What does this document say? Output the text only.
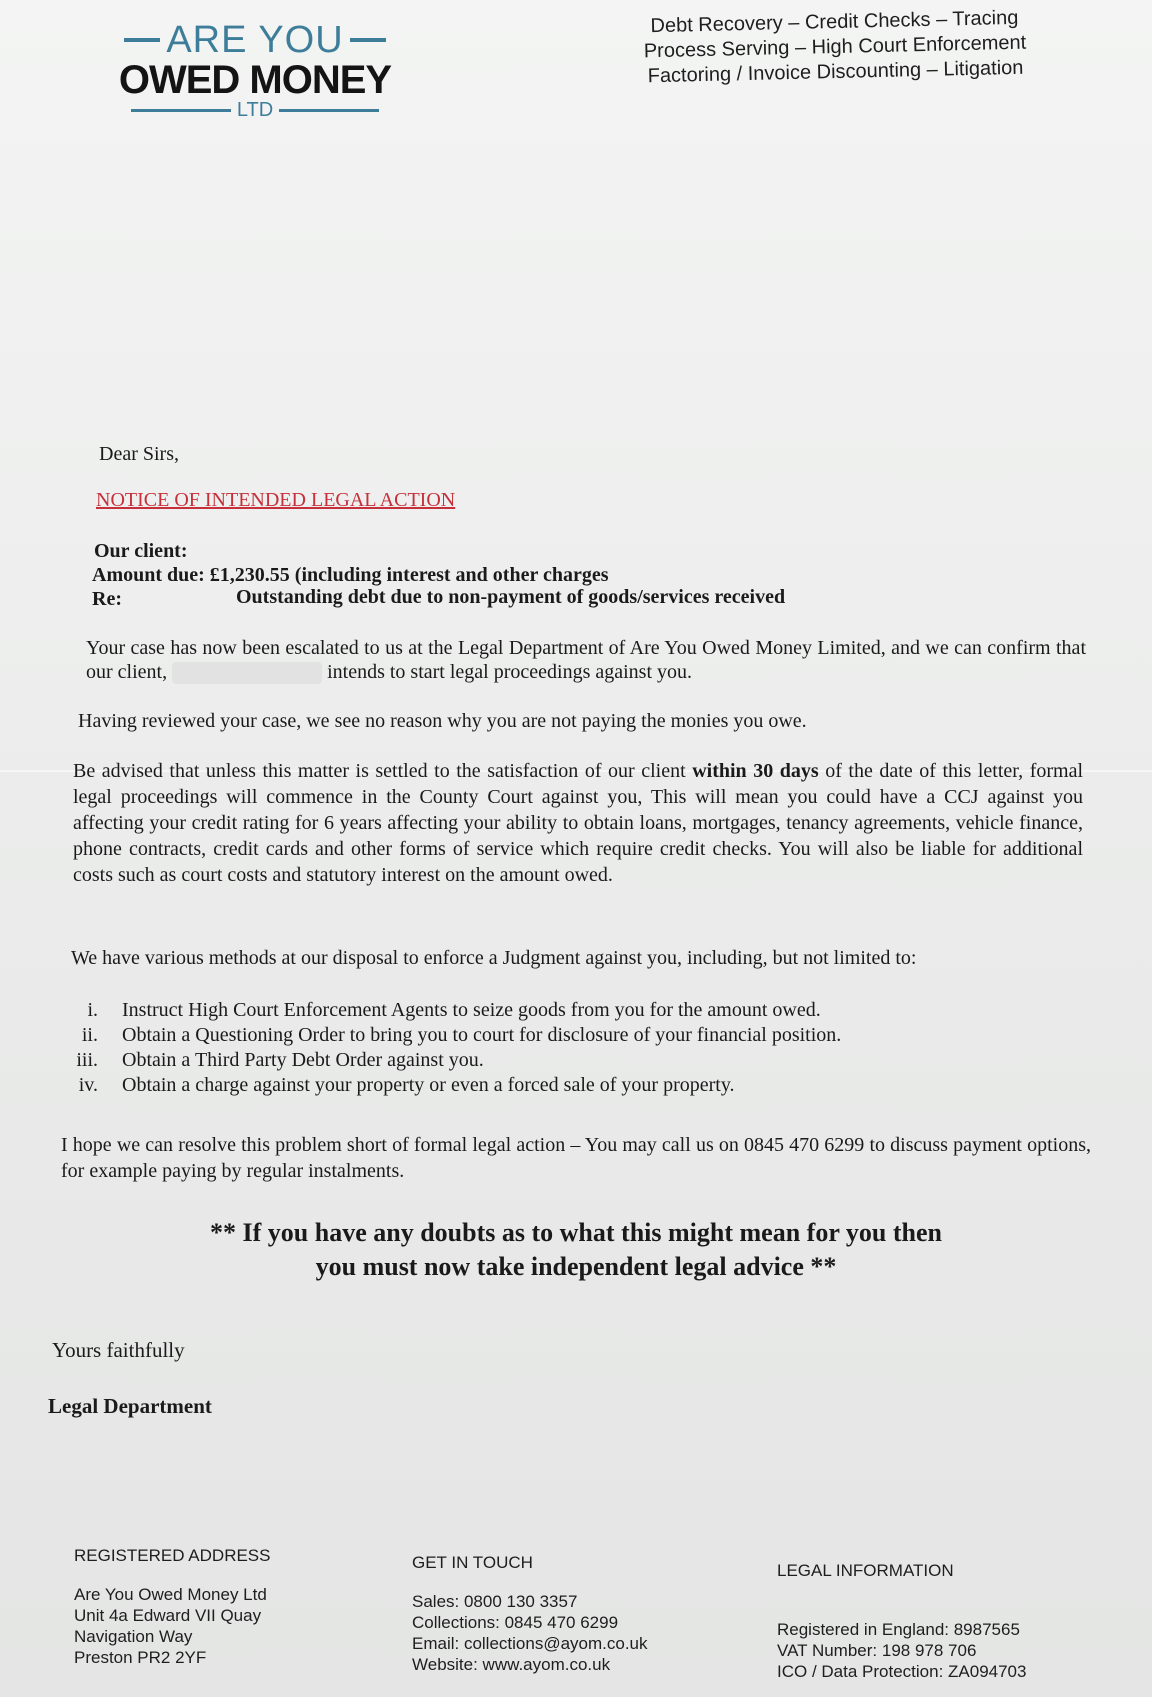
ARE YOU
OWED MONEY
LTD
Debt Recovery – Credit Checks – Tracing
Process Serving – High Court Enforcement
Factoring / Invoice Discounting – Litigation
Dear Sirs,
NOTICE OF INTENDED LEGAL ACTION
Our client:
Amount due: £1,230.55 (including interest and other charges
Re:	Outstanding debt due to non-payment of goods/services received
Your case has now been escalated to us at the Legal Department of Are You Owed Money Limited, and we can confirm that our client,	intends to start legal proceedings against you.
Having reviewed your case, we see no reason why you are not paying the monies you owe.
Be advised that unless this matter is settled to the satisfaction of our client within 30 days of the date of this letter, formal legal proceedings will commence in the County Court against you, This will mean you could have a CCJ against you affecting your credit rating for 6 years affecting your ability to obtain loans, mortgages, tenancy agreements, vehicle finance, phone contracts, credit cards and other forms of service which require credit checks. You will also be liable for additional costs such as court costs and statutory interest on the amount owed.
We have various methods at our disposal to enforce a Judgment against you, including, but not limited to:
i.	Instruct High Court Enforcement Agents to seize goods from you for the amount owed.
ii.	Obtain a Questioning Order to bring you to court for disclosure of your financial position.
iii.	Obtain a Third Party Debt Order against you.
iv.	Obtain a charge against your property or even a forced sale of your property.
I hope we can resolve this problem short of formal legal action – You may call us on 0845 470 6299 to discuss payment options, for example paying by regular instalments.
** If you have any doubts as to what this might mean for you then
you must now take independent legal advice **
Yours faithfully
Legal Department
REGISTERED ADDRESS
Are You Owed Money Ltd
Unit 4a Edward VII Quay
Navigation Way
Preston PR2 2YF
GET IN TOUCH
Sales: 0800 130 3357
Collections: 0845 470 6299
Email: collections@ayom.co.uk
Website: www.ayom.co.uk
LEGAL INFORMATION
Registered in England: 8987565
VAT Number: 198 978 706
ICO / Data Protection: ZA094703
